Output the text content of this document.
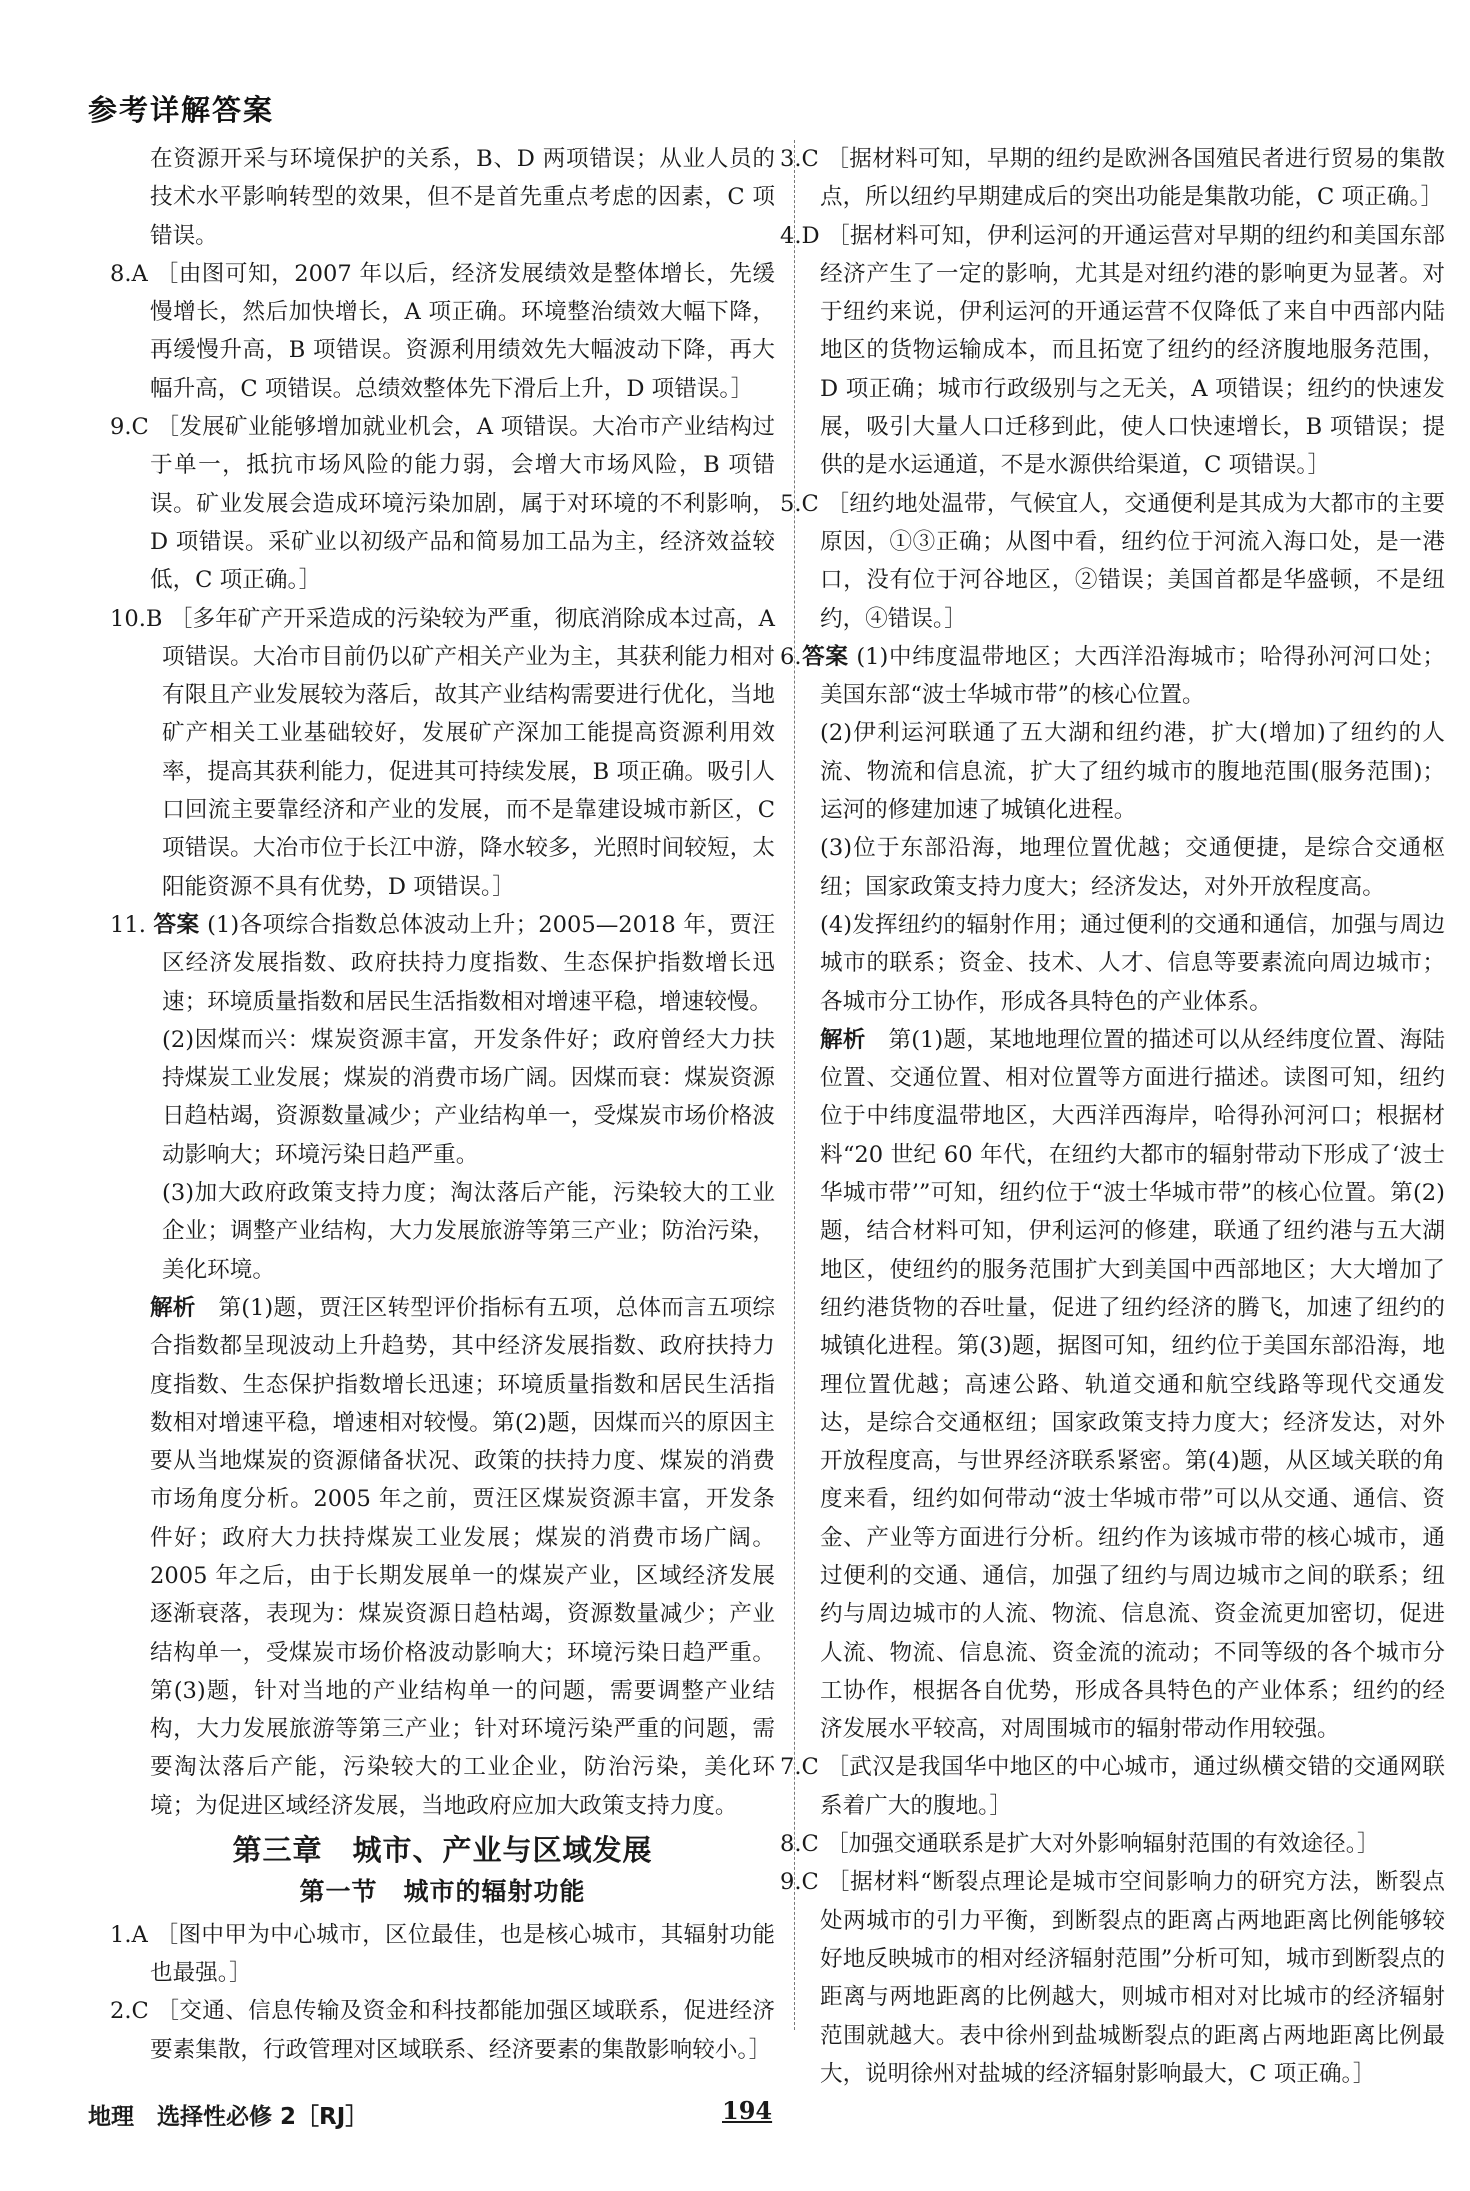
参考详解答案

在资源开采与环境保护的关系，B、D 两项错误；从业人员的技术水平影响转型的效果，但不是首先重点考虑的因素，C 项错误。

8.A ［由图可知，2007 年以后，经济发展绩效是整体增长，先缓慢增长，然后加快增长，A 项正确。环境整治绩效大幅下降，再缓慢升高，B 项错误。资源利用绩效先大幅波动下降，再大幅升高，C 项错误。总绩效整体先下滑后上升，D 项错误。］

9.C ［发展矿业能够增加就业机会，A 项错误。大冶市产业结构过于单一，抵抗市场风险的能力弱，会增大市场风险，B 项错误。矿业发展会造成环境污染加剧，属于对环境的不利影响，D 项错误。采矿业以初级产品和简易加工品为主，经济效益较低，C 项正确。］

10.B ［多年矿产开采造成的污染较为严重，彻底消除成本过高，A 项错误。大冶市目前仍以矿产相关产业为主，其获利能力相对有限且产业发展较为落后，故其产业结构需要进行优化，当地矿产相关工业基础较好，发展矿产深加工能提高资源利用效率，提高其获利能力，促进其可持续发展，B 项正确。吸引人口回流主要靠经济和产业的发展，而不是靠建设城市新区，C 项错误。大冶市位于长江中游，降水较多，光照时间较短，太阳能资源不具有优势，D 项错误。］

11. 答案 (1)各项综合指数总体波动上升；2005—2018 年，贾汪区经济发展指数、政府扶持力度指数、生态保护指数增长迅速；环境质量指数和居民生活指数相对增速平稳，增速较慢。

(2)因煤而兴：煤炭资源丰富，开发条件好；政府曾经大力扶持煤炭工业发展；煤炭的消费市场广阔。因煤而衰：煤炭资源日趋枯竭，资源数量减少；产业结构单一，受煤炭市场价格波动影响大；环境污染日趋严重。

(3)加大政府政策支持力度；淘汰落后产能，污染较大的工业企业；调整产业结构，大力发展旅游等第三产业；防治污染，美化环境。

解析　 第(1)题，贾汪区转型评价指标有五项，总体而言五项综合指数都呈现波动上升趋势，其中经济发展指数、政府扶持力度指数、生态保护指数增长迅速；环境质量指数和居民生活指数相对增速平稳，增速相对较慢。第(2)题，因煤而兴的原因主要从当地煤炭的资源储备状况、政策的扶持力度、煤炭的消费市场角度分析。2005 年之前，贾汪区煤炭资源丰富，开发条件好；政府大力扶持煤炭工业发展；煤炭的消费市场广阔。2005 年之后，由于长期发展单一的煤炭产业，区域经济发展逐渐衰落，表现为：煤炭资源日趋枯竭，资源数量减少；产业结构单一，受煤炭市场价格波动影响大；环境污染日趋严重。第(3)题，针对当地的产业结构单一的问题，需要调整产业结构，大力发展旅游等第三产业；针对环境污染严重的问题，需要淘汰落后产能，污染较大的工业企业，防治污染，美化环境；为促进区域经济发展，当地政府应加大政策支持力度。

第三章　城市、产业与区域发展
第一节　城市的辐射功能

1.A ［图中甲为中心城市，区位最佳，也是核心城市，其辐射功能也最强。］

2.C ［交通、信息传输及资金和科技都能加强区域联系，促进经济要素集散，行政管理对区域联系、经济要素的集散影响较小。］

3.C ［据材料可知，早期的纽约是欧洲各国殖民者进行贸易的集散点，所以纽约早期建成后的突出功能是集散功能，C 项正确。］

4.D ［据材料可知，伊利运河的开通运营对早期的纽约和美国东部经济产生了一定的影响，尤其是对纽约港的影响更为显著。对于纽约来说，伊利运河的开通运营不仅降低了来自中西部内陆地区的货物运输成本，而且拓宽了纽约的经济腹地服务范围，D 项正确；城市行政级别与之无关，A 项错误；纽约的快速发展，吸引大量人口迁移到此，使人口快速增长，B 项错误；提供的是水运通道，不是水源供给渠道，C 项错误。］

5.C ［纽约地处温带，气候宜人，交通便利是其成为大都市的主要原因，①③正确；从图中看，纽约位于河流入海口处，是一港口，没有位于河谷地区，②错误；美国首都是华盛顿，不是纽约，④错误。］

6.答案 (1)中纬度温带地区；大西洋沿海城市；哈得孙河河口处；美国东部“波士华城市带”的核心位置。

(2)伊利运河联通了五大湖和纽约港，扩大(增加)了纽约的人流、物流和信息流，扩大了纽约城市的腹地范围(服务范围)；运河的修建加速了城镇化进程。

(3)位于东部沿海，地理位置优越；交通便捷，是综合交通枢纽；国家政策支持力度大；经济发达，对外开放程度高。

(4)发挥纽约的辐射作用；通过便利的交通和通信，加强与周边城市的联系；资金、技术、人才、信息等要素流向周边城市；各城市分工协作，形成各具特色的产业体系。

解析　 第(1)题，某地地理位置的描述可以从经纬度位置、海陆位置、交通位置、相对位置等方面进行描述。读图可知，纽约位于中纬度温带地区，大西洋西海岸，哈得孙河河口；根据材料“20 世纪 60 年代，在纽约大都市的辐射带动下形成了‘波士华城市带’”可知，纽约位于“波士华城市带”的核心位置。第(2)题，结合材料可知，伊利运河的修建，联通了纽约港与五大湖地区，使纽约的服务范围扩大到美国中西部地区；大大增加了纽约港货物的吞吐量，促进了纽约经济的腾飞，加速了纽约的城镇化进程。第(3)题，据图可知，纽约位于美国东部沿海，地理位置优越；高速公路、轨道交通和航空线路等现代交通发达，是综合交通枢纽；国家政策支持力度大；经济发达，对外开放程度高，与世界经济联系紧密。第(4)题，从区域关联的角度来看，纽约如何带动“波士华城市带”可以从交通、通信、资金、产业等方面进行分析。纽约作为该城市带的核心城市，通过便利的交通、通信，加强了纽约与周边城市之间的联系；纽约与周边城市的人流、物流、信息流、资金流更加密切，促进人流、物流、信息流、资金流的流动；不同等级的各个城市分工协作，根据各自优势，形成各具特色的产业体系；纽约的经济发展水平较高，对周围城市的辐射带动作用较强。

7.C ［武汉是我国华中地区的中心城市，通过纵横交错的交通网联系着广大的腹地。］

8.C ［加强交通联系是扩大对外影响辐射范围的有效途径。］

9.C ［据材料“断裂点理论是城市空间影响力的研究方法，断裂点处两城市的引力平衡，到断裂点的距离占两地距离比例能够较好地反映城市的相对经济辐射范围”分析可知，城市到断裂点的距离与两地距离的比例越大，则城市相对对比城市的经济辐射范围就越大。表中徐州到盐城断裂点的距离占两地距离比例最大，说明徐州对盐城的经济辐射影响最大，C 项正确。］

地理　选择性必修 2［RJ］	194
